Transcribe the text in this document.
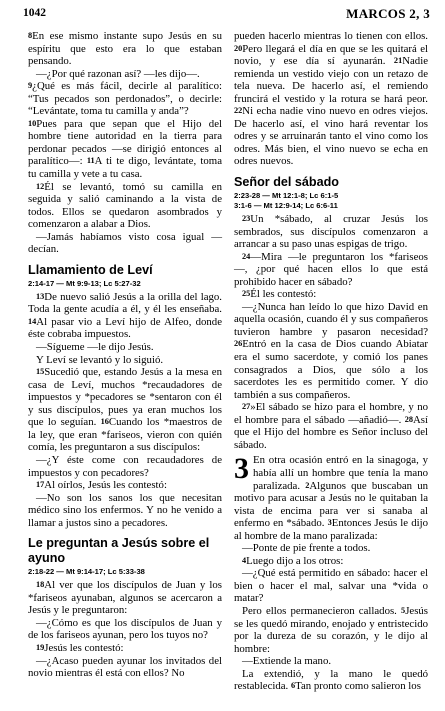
1042	MARCOS 2, 3

8En ese mismo instante supo Jesús en su espíritu que esto era lo que estaban pensando.

—¿Por qué razonan así? —les dijo—.

9¿Qué es más fácil, decirle al paralítico: “Tus pecados son perdonados”, o decirle: “Levántate, toma tu camilla y anda”?

10Pues para que sepan que el Hijo del hombre tiene autoridad en la tierra para perdonar pecados —se dirigió entonces al paralítico—: 11A ti te digo, levántate, toma tu camilla y vete a tu casa.

12Él se levantó, tomó su camilla en seguida y salió caminando a la vista de todos. Ellos se quedaron asombrados y comenzaron a alabar a Dios.

—Jamás habíamos visto cosa igual —decían.

Llamamiento de Leví
2:14-17 — Mt 9:9-13; Lc 5:27-32

13De nuevo salió Jesús a la orilla del lago. Toda la gente acudía a él, y él les enseñaba. 14Al pasar vio a Leví hijo de Alfeo, donde éste cobraba impuestos.

—Sígueme —le dijo Jesús.

Y Leví se levantó y lo siguió.

15Sucedió que, estando Jesús a la mesa en casa de Leví, muchos *recaudadores de impuestos y *pecadores se *sentaron con él y sus discípulos, pues ya eran muchos los que lo seguían. 16Cuando los *maestros de la ley, que eran *fariseos, vieron con quién comía, les preguntaron a sus discípulos:

—¿Y éste come con recaudadores de impuestos y con pecadores?

17Al oírlos, Jesús les contestó:

—No son los sanos los que necesitan médico sino los enfermos. Y no he venido a llamar a justos sino a pecadores.

Le preguntan a Jesús sobre el ayuno
2:18-22 — Mt 9:14-17; Lc 5:33-38

18Al ver que los discípulos de Juan y los *fariseos ayunaban, algunos se acercaron a Jesús y le preguntaron:

—¿Cómo es que los discípulos de Juan y de los fariseos ayunan, pero los tuyos no?

19Jesús les contestó:

—¿Acaso pueden ayunar los invitados del novio mientras él está con ellos? No

pueden hacerlo mientras lo tienen con ellos. 20Pero llegará el día en que se les quitará el novio, y ese día sí ayunarán. 21Nadie remienda un vestido viejo con un retazo de tela nueva. De hacerlo así, el remiendo fruncirá el vestido y la rotura se hará peor. 22Ni echa nadie vino nuevo en odres viejos. De hacerlo así, el vino hará reventar los odres y se arruinarán tanto el vino como los odres. Más bien, el vino nuevo se echa en odres nuevos.

Señor del sábado
2:23-28 — Mt 12:1-8; Lc 6:1-5
3:1-6 — Mt 12:9-14; Lc 6:6-11

23Un *sábado, al cruzar Jesús los sembrados, sus discípulos comenzaron a arrancar a su paso unas espigas de trigo.

24—Mira —le preguntaron los *fariseos—, ¿por qué hacen ellos lo que está prohibido hacer en sábado?

25Él les contestó:

—¿Nunca han leído lo que hizo David en aquella ocasión, cuando él y sus compañeros tuvieron hambre y pasaron necesidad? 26Entró en la casa de Dios cuando Abiatar era el sumo sacerdote, y comió los panes consagrados a Dios, que sólo a los sacerdotes les es permitido comer. Y dio también a sus compañeros.

27»El sábado se hizo para el hombre, y no el hombre para el sábado —añadió—. 28Así que el Hijo del hombre es Señor incluso del sábado.

3 En otra ocasión entró en la sinagoga, y había allí un hombre que tenía la mano paralizada. 2Algunos que buscaban un motivo para acusar a Jesús no le quitaban la vista de encima para ver si sanaba al enfermo en *sábado. 3Entonces Jesús le dijo al hombre de la mano paralizada:

—Ponte de pie frente a todos.

4Luego dijo a los otros:

—¿Qué está permitido en sábado: hacer el bien o hacer el mal, salvar una *vida o matar?

Pero ellos permanecieron callados. 5Jesús se les quedó mirando, enojado y entristecido por la dureza de su corazón, y le dijo al hombre:

—Extiende la mano.

La extendió, y la mano le quedó restablecida. 6Tan pronto como salieron los
